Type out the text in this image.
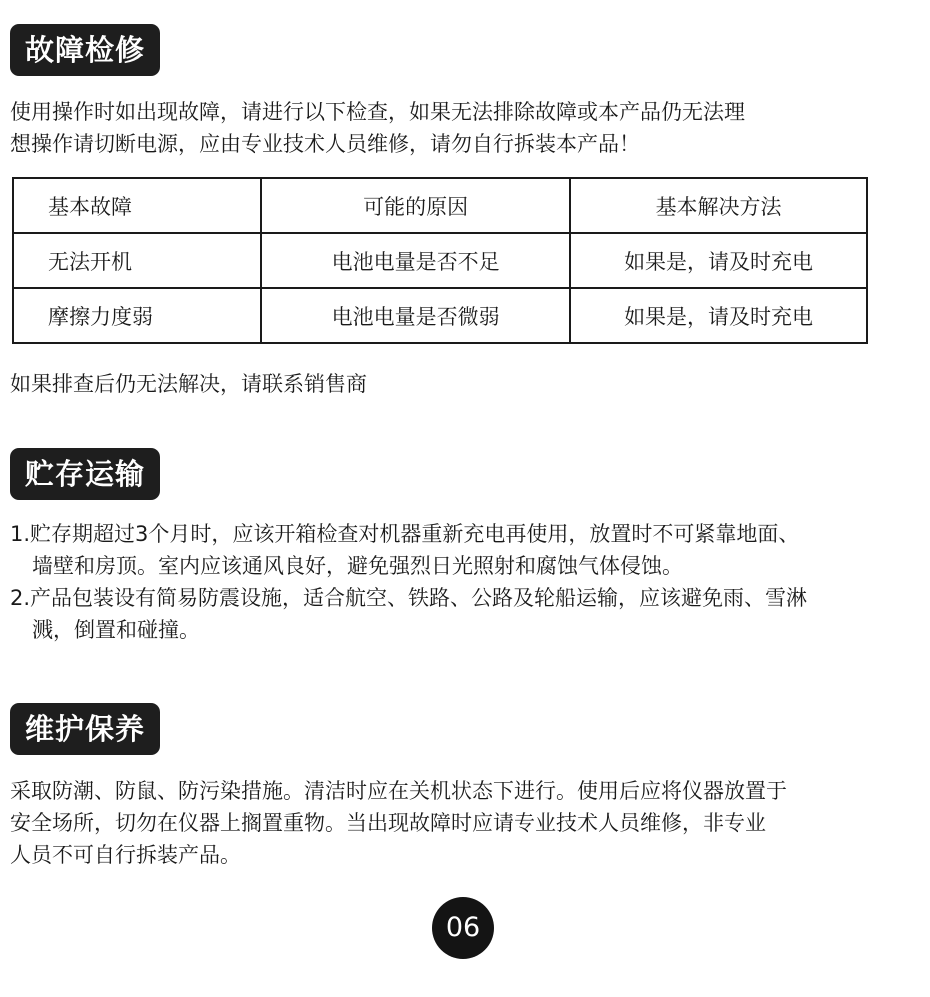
故障检修

使用操作时如出现故障，请进行以下检查，如果无法排除故障或本产品仍无法理
想操作请切断电源，应由专业技术人员维修，请勿自行拆装本产品！

基本故障	可能的原因	基本解决方法
无法开机	电池电量是否不足	如果是，请及时充电
摩擦力度弱	电池电量是否微弱	如果是，请及时充电

如果排查后仍无法解决，请联系销售商

贮存运输
1.贮存期超过3个月时，应该开箱检查对机器重新充电再使用，放置时不可紧靠地面、
墙壁和房顶。室内应该通风良好，避免强烈日光照射和腐蚀气体侵蚀。
2.产品包装设有简易防震设施，适合航空、铁路、公路及轮船运输，应该避免雨、雪淋
溅，倒置和碰撞。
维护保养

采取防潮、防鼠、防污染措施。清洁时应在关机状态下进行。使用后应将仪器放置于
安全场所，切勿在仪器上搁置重物。当出现故障时应请专业技术人员维修，非专业
人员不可自行拆装产品。

06
